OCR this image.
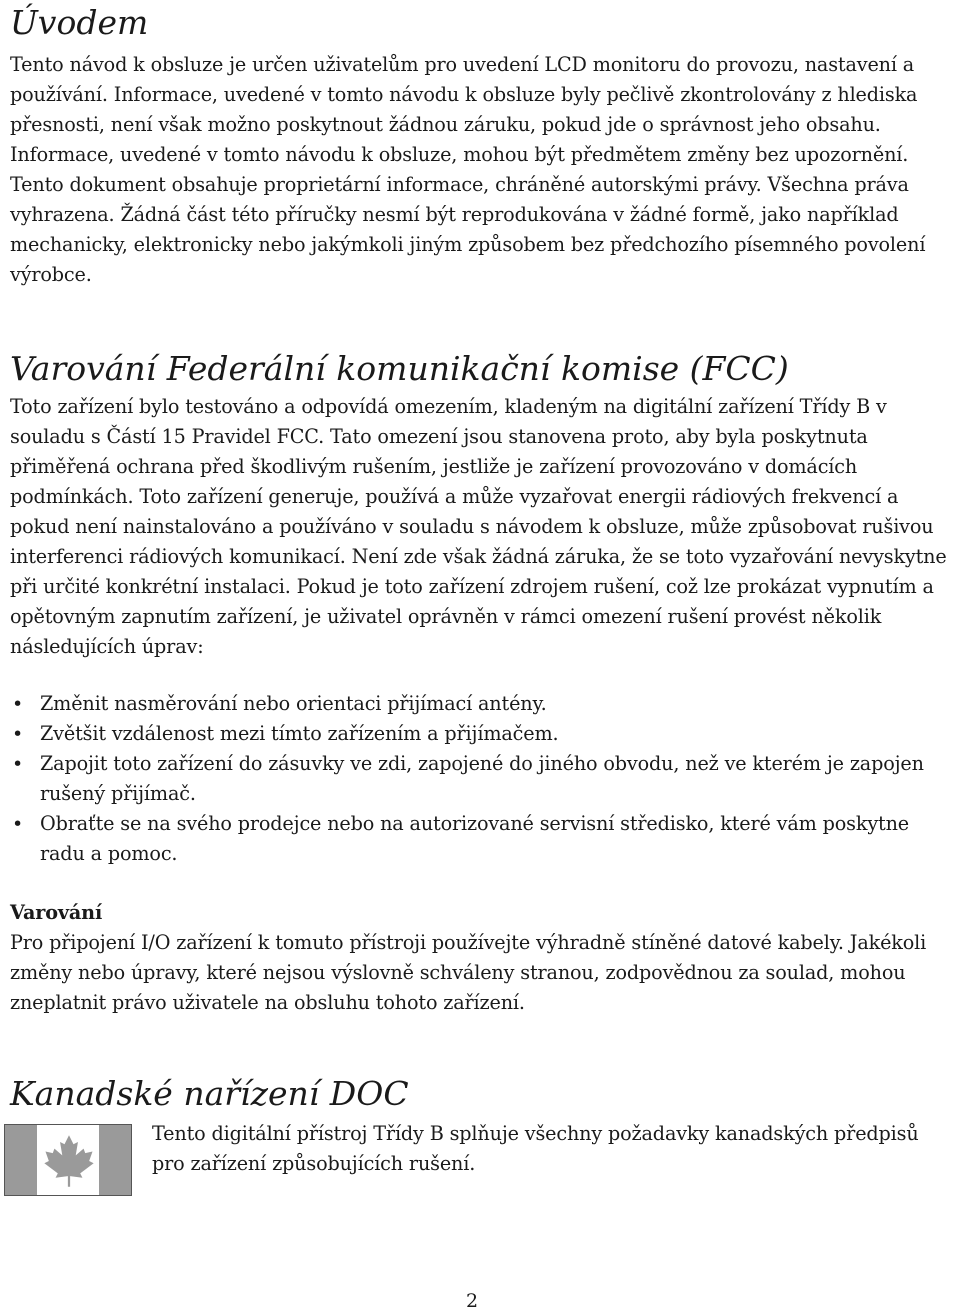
Úvodem

Tento návod k obsluze je určen uživatelům pro uvedení LCD monitoru do provozu, nastavení a používání. Informace, uvedené v tomto návodu k obsluze byly pečlivě zkontrolovány z hlediska přesnosti, není však možno poskytnout žádnou záruku, pokud jde o správnost jeho obsahu. Informace, uvedené v tomto návodu k obsluze, mohou být předmětem změny bez upozornění. Tento dokument obsahuje proprietární informace, chráněné autorskými právy. Všechna práva vyhrazena. Žádná část této příručky nesmí být reprodukována v žádné formě, jako například mechanicky, elektronicky nebo jakýmkoli jiným způsobem bez předchozího písemného povolení výrobce.

Varování Federální komunikační komise (FCC)

Toto zařízení bylo testováno a odpovídá omezením, kladeným na digitální zařízení Třídy B v souladu s Částí 15 Pravidel FCC. Tato omezení jsou stanovena proto, aby byla poskytnuta přiměřená ochrana před škodlivým rušením, jestliže je zařízení provozováno v domácích podmínkách. Toto zařízení generuje, používá a může vyzařovat energii rádiových frekvencí a pokud není nainstalováno a používáno v souladu s návodem k obsluze, může způsobovat rušivou interferenci rádiových komunikací. Není zde však žádná záruka, že se toto vyzařování nevyskytne při určité konkrétní instalaci. Pokud je toto zařízení zdrojem rušení, což lze prokázat vypnutím a opětovným zapnutím zařízení, je uživatel oprávněn v rámci omezení rušení provést několik následujících úprav:

• Změnit nasměrování nebo orientaci přijímací antény.
• Zvětšit vzdálenost mezi tímto zařízením a přijímačem.
• Zapojit toto zařízení do zásuvky ve zdi, zapojené do jiného obvodu, než ve kterém je zapojen rušený přijímač.
• Obraťte se na svého prodejce nebo na autorizované servisní středisko, které vám poskytne radu a pomoc.
Varování

Pro připojení I/O zařízení k tomuto přístroji používejte výhradně stíněné datové kabely. Jakékoli změny nebo úpravy, které nejsou výslovně schváleny stranou, zodpovědnou za soulad, mohou zneplatnit právo uživatele na obsluhu tohoto zařízení.

Kanadské nařízení DOC

Tento digitální přístroj Třídy B splňuje všechny požadavky kanadských předpisů pro zařízení způsobujících rušení.

2
